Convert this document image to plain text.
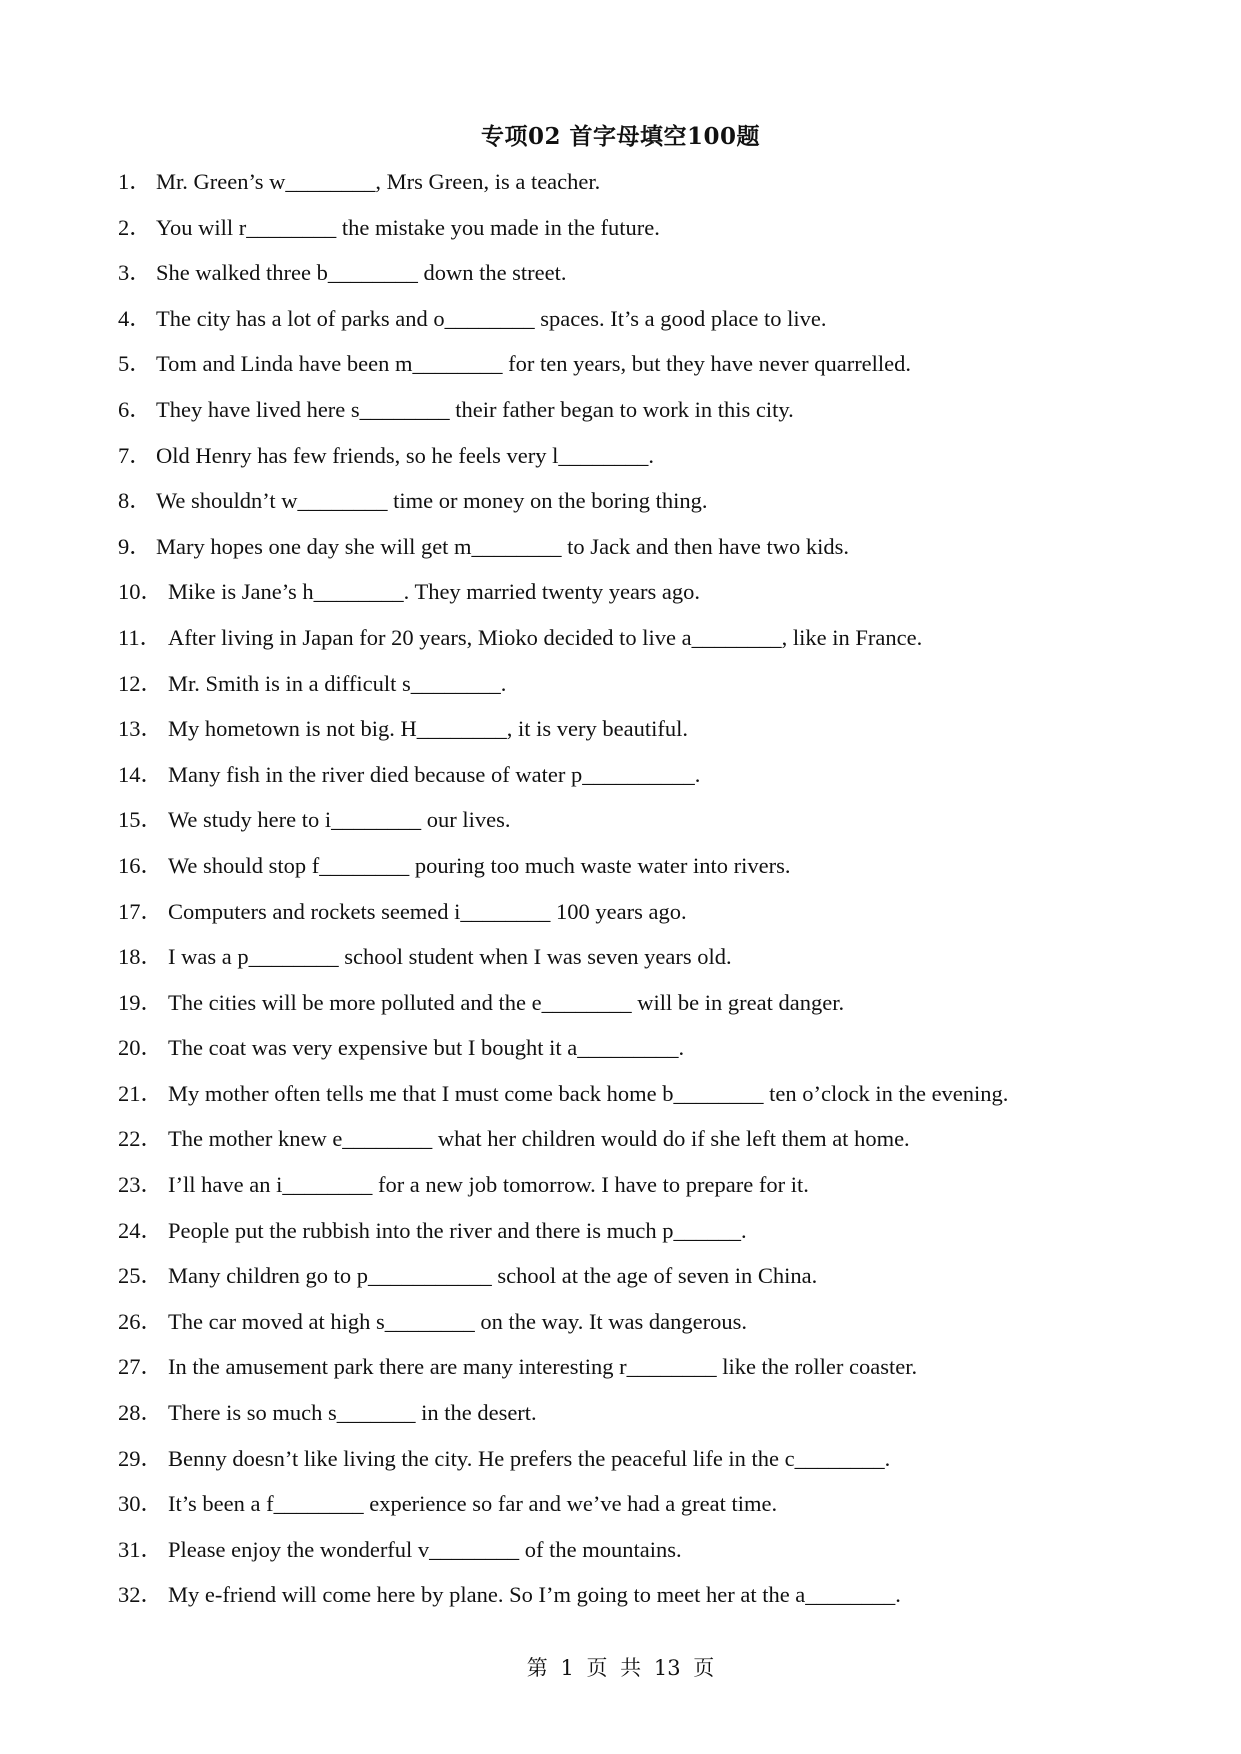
专项02 首字母填空100题
1． Mr. Green’s w________, Mrs Green, is a teacher.
2． You will r________ the mistake you made in the future.
3． She walked three b________ down the street.
4． The city has a lot of parks and o________ spaces. It’s a good place to live.
5． Tom and Linda have been m________ for ten years, but they have never quarrelled.
6． They have lived here s________ their father began to work in this city.
7． Old Henry has few friends, so he feels very l________.
8． We shouldn’t w________ time or money on the boring thing.
9． Mary hopes one day she will get m________ to Jack and then have two kids.
10． Mike is Jane’s h________. They married twenty years ago.
11． After living in Japan for 20 years, Mioko decided to live a________, like in France.
12． Mr. Smith is in a difficult s________.
13． My hometown is not big. H________, it is very beautiful.
14． Many fish in the river died because of water p__________.
15． We study here to i________ our lives.
16． We should stop f________ pouring too much waste water into rivers.
17． Computers and rockets seemed i________ 100 years ago.
18． I was a p________ school student when I was seven years old.
19． The cities will be more polluted and the e________ will be in great danger.
20． The coat was very expensive but I bought it a_________.
21． My mother often tells me that I must come back home b________ ten o’clock in the evening.
22． The mother knew e________ what her children would do if she left them at home.
23． I’ll have an i________ for a new job tomorrow. I have to prepare for it.
24． People put the rubbish into the river and there is much p______.
25． Many children go to p___________ school at the age of seven in China.
26． The car moved at high s________ on the way. It was dangerous.
27． In the amusement park there are many interesting r________ like the roller coaster.
28． There is so much s_______ in the desert.
29． Benny doesn’t like living the city. He prefers the peaceful life in the c________.
30． It’s been a f________ experience so far and we’ve had a great time.
31． Please enjoy the wonderful v________ of the mountains.
32． My e-friend will come here by plane. So I’m going to meet her at the a________.
第 1 页 共 13 页
